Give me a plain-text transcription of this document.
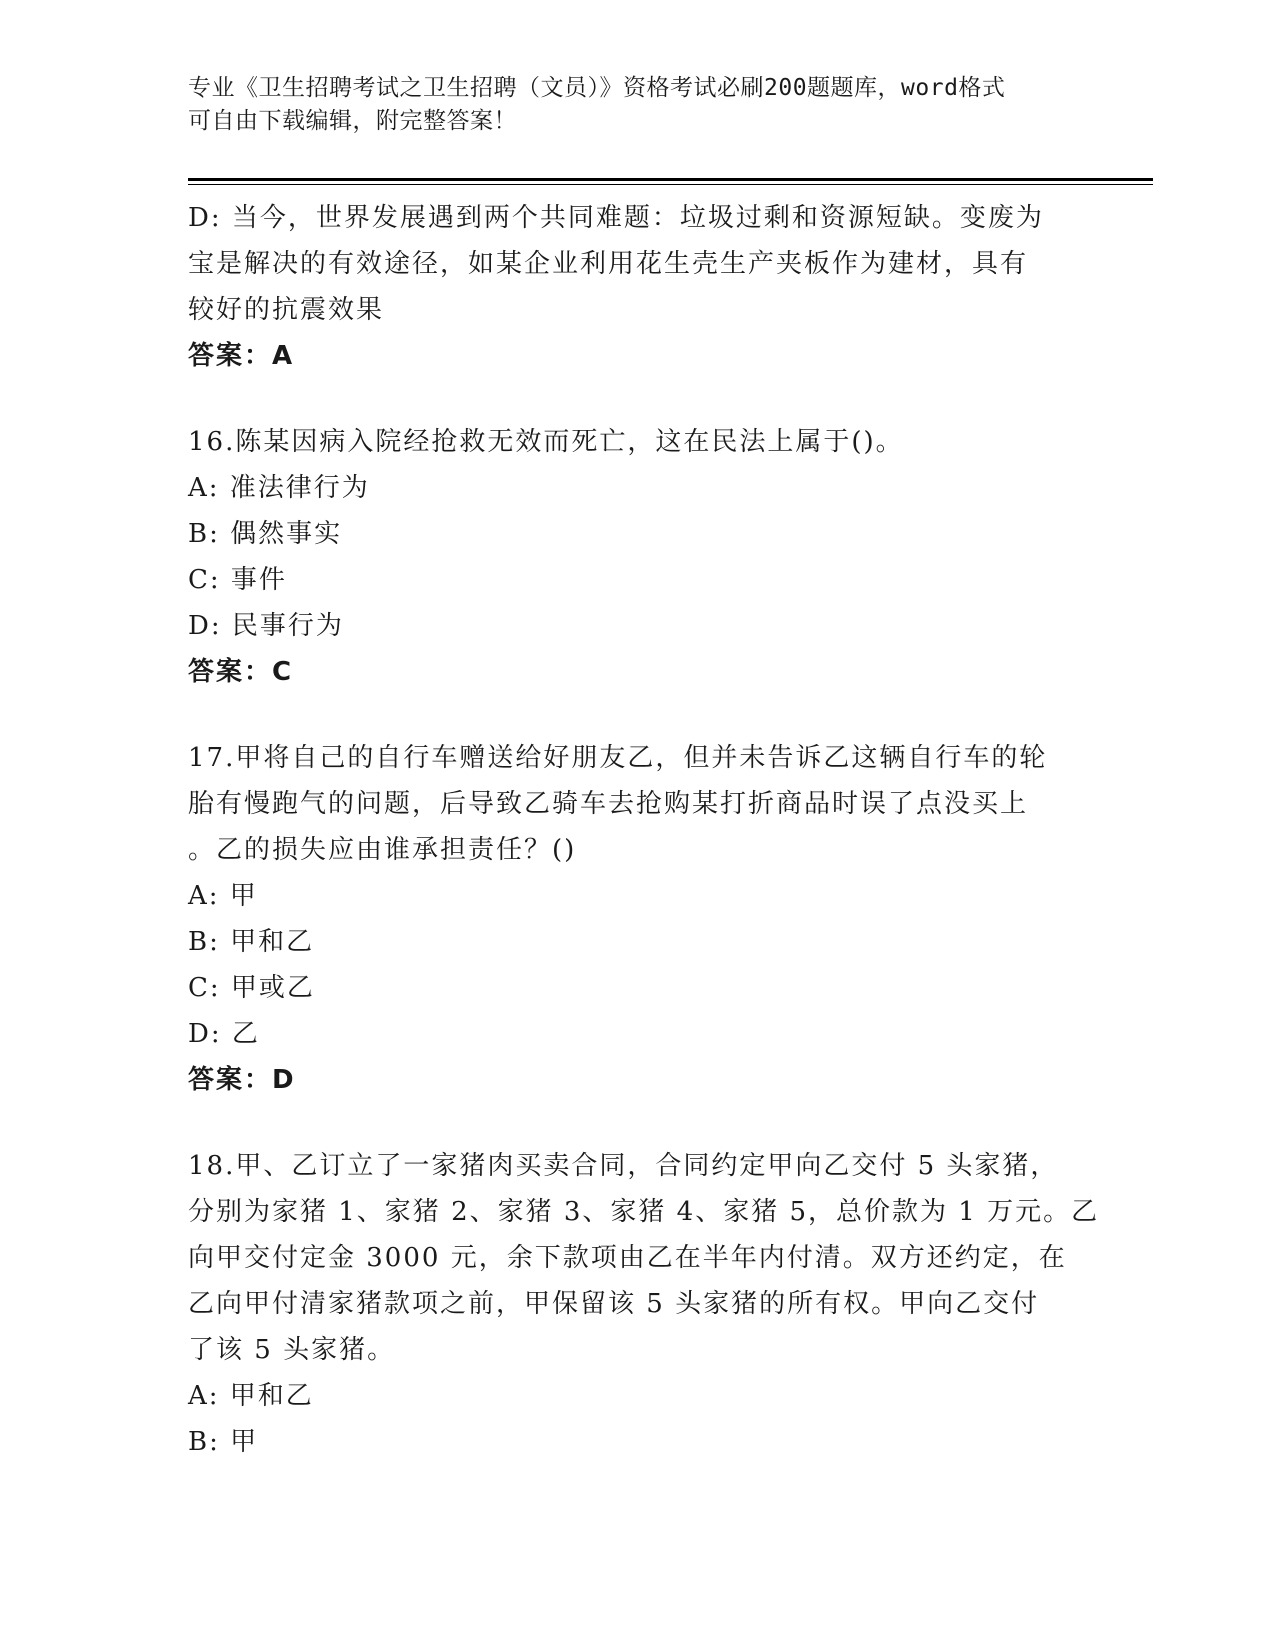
专业《卫生招聘考试之卫生招聘（文员）》资格考试必刷200题题库，word格式
可自由下载编辑，附完整答案！
D: 当今，世界发展遇到两个共同难题：垃圾过剩和资源短缺。变废为
宝是解决的有效途径，如某企业利用花生壳生产夹板作为建材，具有
较好的抗震效果
答案：A
16.陈某因病入院经抢救无效而死亡，这在民法上属于()。
A: 准法律行为
B: 偶然事实
C: 事件
D: 民事行为
答案：C
17.甲将自己的自行车赠送给好朋友乙，但并未告诉乙这辆自行车的轮
胎有慢跑气的问题，后导致乙骑车去抢购某打折商品时误了点没买上
。乙的损失应由谁承担责任？()
A: 甲
B: 甲和乙
C: 甲或乙
D: 乙
答案：D
18.甲、乙订立了一家猪肉买卖合同，合同约定甲向乙交付 5 头家猪，
分别为家猪 1、家猪 2、家猪 3、家猪 4、家猪 5，总价款为 1 万元。乙
向甲交付定金 3000 元，余下款项由乙在半年内付清。双方还约定，在
乙向甲付清家猪款项之前，甲保留该 5 头家猪的所有权。甲向乙交付
了该 5 头家猪。
A: 甲和乙
B: 甲
